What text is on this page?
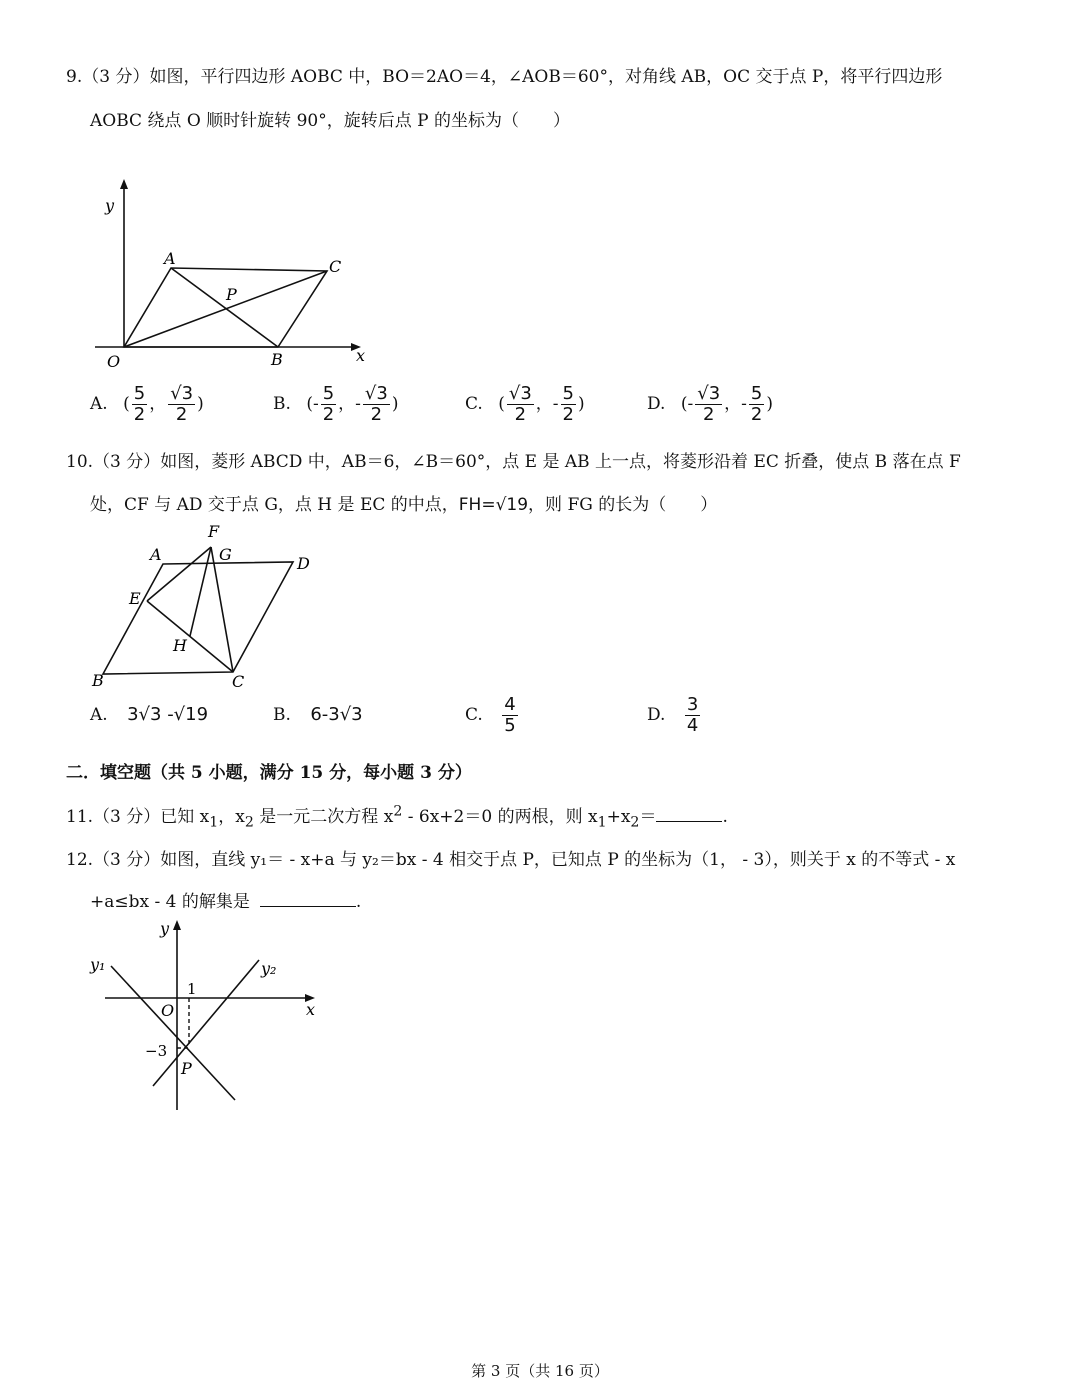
9.（3 分）如图，平行四边形 AOBC 中，BO＝2AO＝4，∠AOB＝60°，对角线 AB，OC 交于点 P，将平行四边形
AOBC 绕点 O 顺时针旋转 90°，旋转后点 P 的坐标为（　　）
y
x
O
A
B
C
P
A. ( $\frac{5}{2}$ ， $\frac{√3}{2}$ )	B. (- $\frac{5}{2}$ ，- $\frac{√3}{2}$ )	C. ( $\frac{√3}{2}$ ，- $\frac{5}{2}$ )	D. (- $\frac{√3}{2}$ ，- $\frac{5}{2}$ )
10.（3 分）如图，菱形 ABCD 中，AB＝6，∠B＝60°，点 E 是 AB 上一点，将菱形沿着 EC 折叠，使点 B 落在点 F
处，CF 与 AD 交于点 G，点 H 是 EC 的中点，FH=√19，则 FG 的长为（　　）
A
F
G	D
E
H
B	C
A. 3√3 -√19	B. 6-3√3	C. $\frac{4}{5}$	D. $\frac{3}{4}$
二．填空题（共 5 小题，满分 15 分，每小题 3 分）
11.（3 分）已知 $x_1$，$x_2$ 是一元二次方程 $x^2 - 6x+2=0$ 的两根，则 $x_1+x_2=$	.
12.（3 分）如图，直线 y₁＝ - x+a 与 y₂＝bx - 4 相交于点 P，已知点 P 的坐标为（1， - 3），则关于 x 的不等式 - x
+a≤bx - 4 的解集是	.
y
x
O
1
−3
P
y₁	y₂
第 3 页（共 16 页）
